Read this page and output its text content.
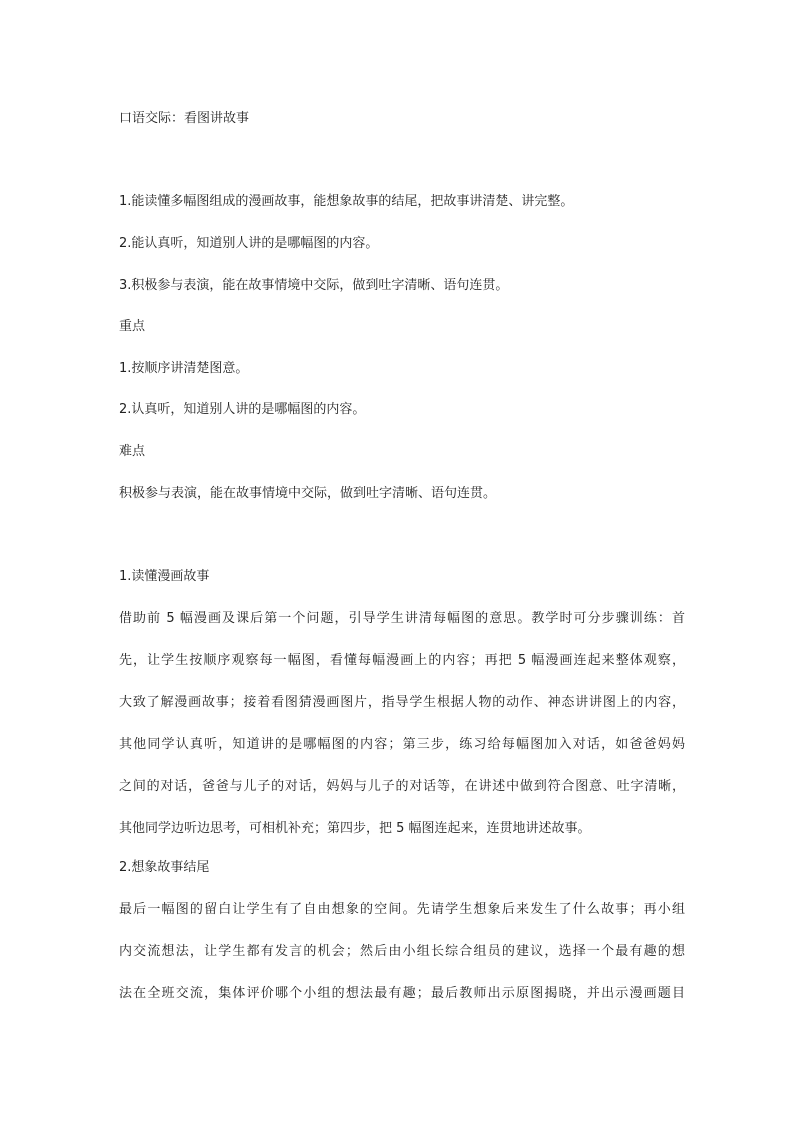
口语交际：看图讲故事
1.能读懂多幅图组成的漫画故事，能想象故事的结尾，把故事讲清楚、讲完整。
2.能认真听，知道别人讲的是哪幅图的内容。
3.积极参与表演，能在故事情境中交际，做到吐字清晰、语句连贯。
重点
1.按顺序讲清楚图意。
2.认真听，知道别人讲的是哪幅图的内容。
难点
积极参与表演，能在故事情境中交际，做到吐字清晰、语句连贯。
1.读懂漫画故事
借助前 5 幅漫画及课后第一个问题，引导学生讲清每幅图的意思。教学时可分步骤训练：首
先，让学生按顺序观察每一幅图，看懂每幅漫画上的内容；再把 5 幅漫画连起来整体观察，
大致了解漫画故事；接着看图猜漫画图片，指导学生根据人物的动作、神态讲讲图上的内容，
其他同学认真听，知道讲的是哪幅图的内容；第三步，练习给每幅图加入对话，如爸爸妈妈
之间的对话，爸爸与儿子的对话，妈妈与儿子的对话等，在讲述中做到符合图意、吐字清晰，
其他同学边听边思考，可相机补充；第四步，把 5 幅图连起来，连贯地讲述故事。
2.想象故事结尾
最后一幅图的留白让学生有了自由想象的空间。先请学生想象后来发生了什么故事；再小组
内交流想法，让学生都有发言的机会；然后由小组长综合组员的建议，选择一个最有趣的想
法在全班交流，集体评价哪个小组的想法最有趣；最后教师出示原图揭晓，并出示漫画题目
